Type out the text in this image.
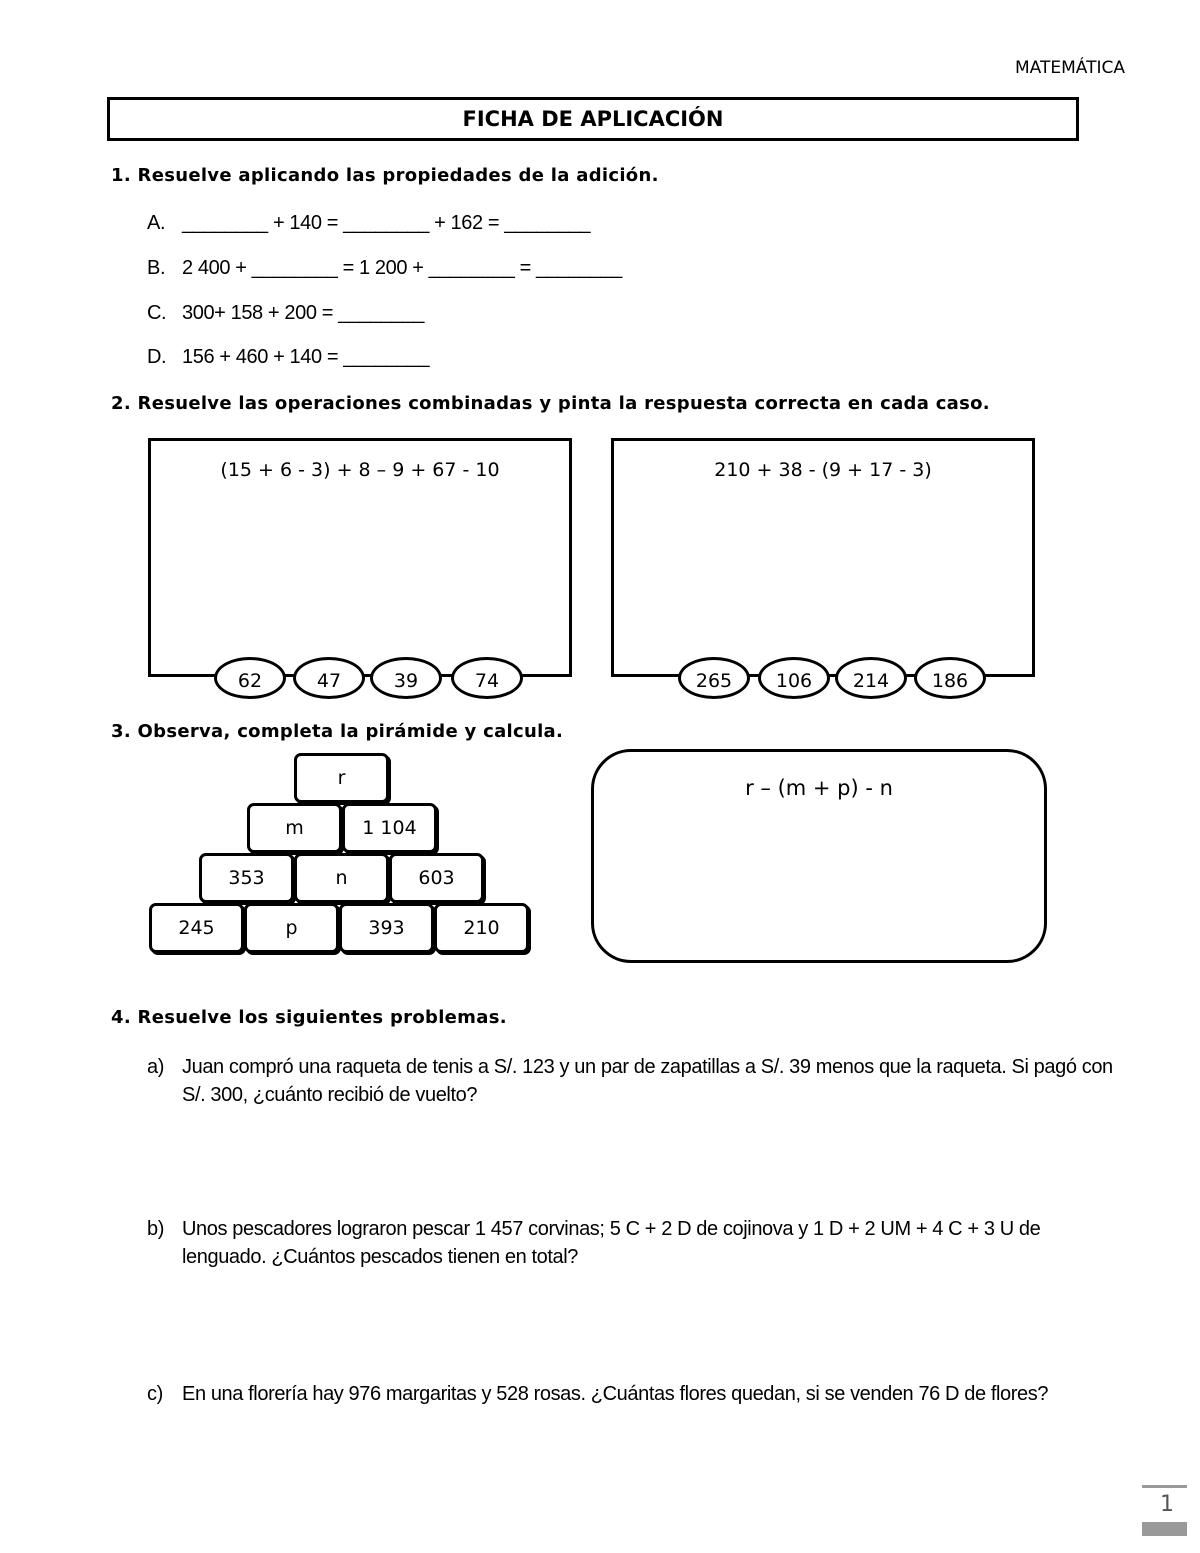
MATEMÁTICA
FICHA DE APLICACIÓN
1. Resuelve aplicando las propiedades de la adición.
A. ________ + 140 = ________ + 162 = ________
B. 2 400 + ________ = 1 200 + ________ = ________
C. 300+ 158 + 200 = ________
D. 156 + 460 + 140 = ________
2. Resuelve las operaciones combinadas y pinta la respuesta correcta en cada caso.
(15 + 6 - 3) + 8 – 9 + 67 - 10
62	47	39	74
210 + 38 - (9 + 17 - 3)
265	106	214	186
3. Observa, completa la pirámide y calcula.
r
m	1 104
353	n	603
245	p	393	210
r – (m + p) - n
4. Resuelve los siguientes problemas.
a) Juan compró una raqueta de tenis a S/. 123 y un par de zapatillas a S/. 39 menos que la raqueta. Si pagó con S/. 300, ¿cuánto recibió de vuelto?
b) Unos pescadores lograron pescar 1 457 corvinas; 5 C + 2 D de cojinova y 1 D + 2 UM + 4 C + 3 U de lenguado. ¿Cuántos pescados tienen en total?
c) En una florería hay 976 margaritas y 528 rosas. ¿Cuántas flores quedan, si se venden 76 D de flores?
1
